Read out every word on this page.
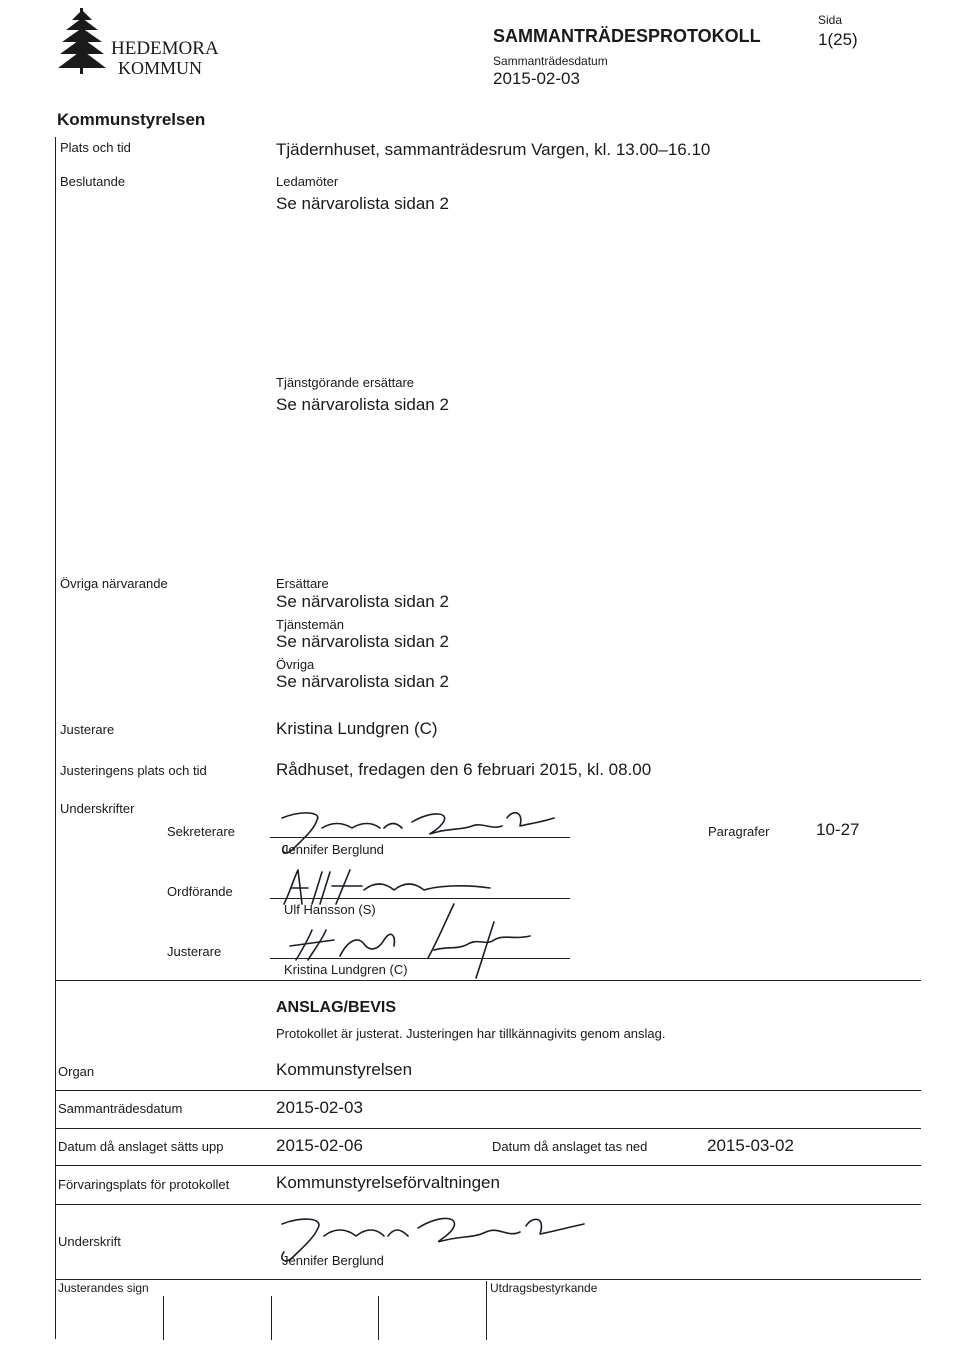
HEDEMORA
KOMMUN
SAMMANTRÄDESPROTOKOLL
Sammanträdesdatum
2015-02-03
Sida
1(25)
Kommunstyrelsen
Plats och tid	Tjädernhuset, sammanträdesrum Vargen, kl. 13.00–16.10
Beslutande	Ledamöter
Se närvarolista sidan 2
Tjänstgörande ersättare
Se närvarolista sidan 2
Övriga närvarande	Ersättare
Se närvarolista sidan 2
Tjänstemän
Se närvarolista sidan 2
Övriga
Se närvarolista sidan 2
Justerare	Kristina Lundgren (C)
Justeringens plats och tid	Rådhuset, fredagen den 6 februari 2015, kl. 08.00
Underskrifter
Sekreterare
Jennifer Berglund
Paragrafer	10-27
Ordförande
Ulf Hansson (S)
Justerare
Kristina Lundgren (C)
ANSLAG/BEVIS
Protokollet är justerat. Justeringen har tillkännagivits genom anslag.
Organ	Kommunstyrelsen
Sammanträdesdatum	2015-02-03
Datum då anslaget sätts upp	2015-02-06	Datum då anslaget tas ned	2015-03-02
Förvaringsplats för protokollet	Kommunstyrelseförvaltningen
Underskrift
Jennifer Berglund
Justerandes sign	Utdragsbestyrkande
